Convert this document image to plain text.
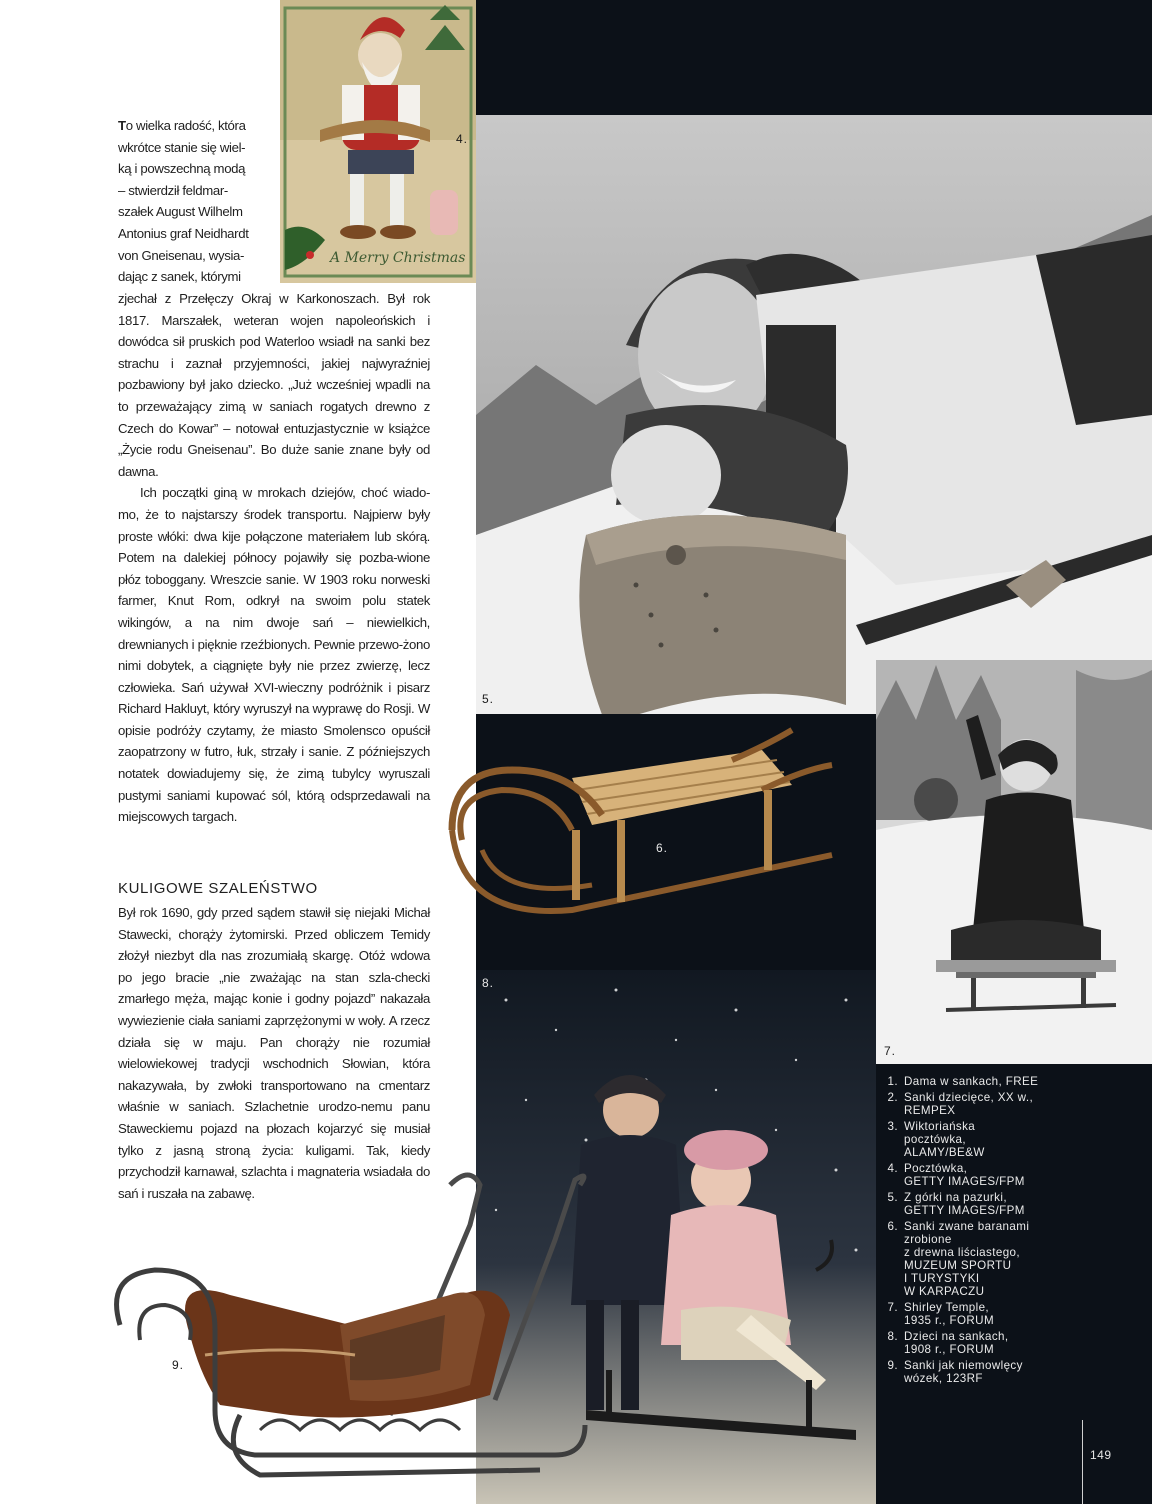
A Merry Christmas
4.
5.
6.
7.
8.
9.

To wielka radość, która

wkrótce stanie się wiel-

ką i powszechną modą

– stwierdził feldmar-

szałek August Wilhelm

Antonius graf Neidhardt

von Gneisenau, wysia-

dając z sanek, którymi

zjechał z Przełęczy Okraj w Karkonoszach. Był rok 1817. Marszałek, weteran wojen napoleońskich i dowódca sił pruskich pod Waterloo wsiadł na sanki bez strachu i zaznał przyjemności, jakiej najwyraźniej pozbawiony był jako dziecko. „Już wcześniej wpadli na to przeważający zimą w saniach rogatych drewno z Czech do Kowar” – notował entuzjastycznie w książce „Życie rodu Gneisenau”. Bo duże sanie znane były od dawna.

Ich początki giną w mrokach dziejów, choć wiado-mo, że to najstarszy środek transportu. Najpierw były proste włóki: dwa kije połączone materiałem lub skórą. Potem na dalekiej północy pojawiły się pozba-wione płóz toboggany. Wreszcie sanie. W 1903 roku norweski farmer, Knut Rom, odkrył na swoim polu statek wikingów, a na nim dwoje sań – niewielkich, drewnianych i pięknie rzeźbionych. Pewnie przewo-żono nimi dobytek, a ciągnięte były nie przez zwierzę, lecz człowieka. Sań używał XVI-wieczny podróżnik i pisarz Richard Hakluyt, który wyruszył na wyprawę do Rosji. W opisie podróży czytamy, że miasto Smolensco opuścił zaopatrzony w futro, łuk, strzały i sanie. Z późniejszych notatek dowiadujemy się, że zimą tubylcy wyruszali pustymi saniami kupować sól, którą odsprzedawali na miejscowych targach.

KULIGOWE SZALEŃSTWO

Był rok 1690, gdy przed sądem stawił się niejaki Michał Stawecki, chorąży żytomirski. Przed obliczem Temidy złożył niezbyt dla nas zrozumiałą skargę. Otóż wdowa po jego bracie „nie zważając na stan szla-checki zmarłego męża, mając konie i godny pojazd” nakazała wywiezienie ciała saniami zaprzężonymi w woły. A rzecz działa się w maju. Pan chorąży nie rozumiał wielowiekowej tradycji wschodnich Słowian, która nakazywała, by zwłoki transportowano na cmentarz właśnie w saniach. Szlachetnie urodzo-nemu panu Staweckiemu pojazd na płozach kojarzyć się musiał tylko z jasną stroną życia: kuligami. Tak, kiedy przychodził karnawał, szlachta i magnateria wsiadała do sań i ruszała na zabawę.

1. Dama w sankach, FREE
2. Sanki dziecięce, XX w.,
REMPEX
3. Wiktoriańska
pocztówka,
ALAMY/BE&W
4. Pocztówka,
GETTY IMAGES/FPM
5. Z górki na pazurki,
GETTY IMAGES/FPM
6. Sanki zwane baranami
zrobione
z drewna liściastego,
MUZEUM SPORTU
I TURYSTYKI
W KARPACZU
7. Shirley Temple,
1935 r., FORUM
8. Dzieci na sankach,
1908 r., FORUM
9. Sanki jak niemowlęcy
wózek, 123RF
149
